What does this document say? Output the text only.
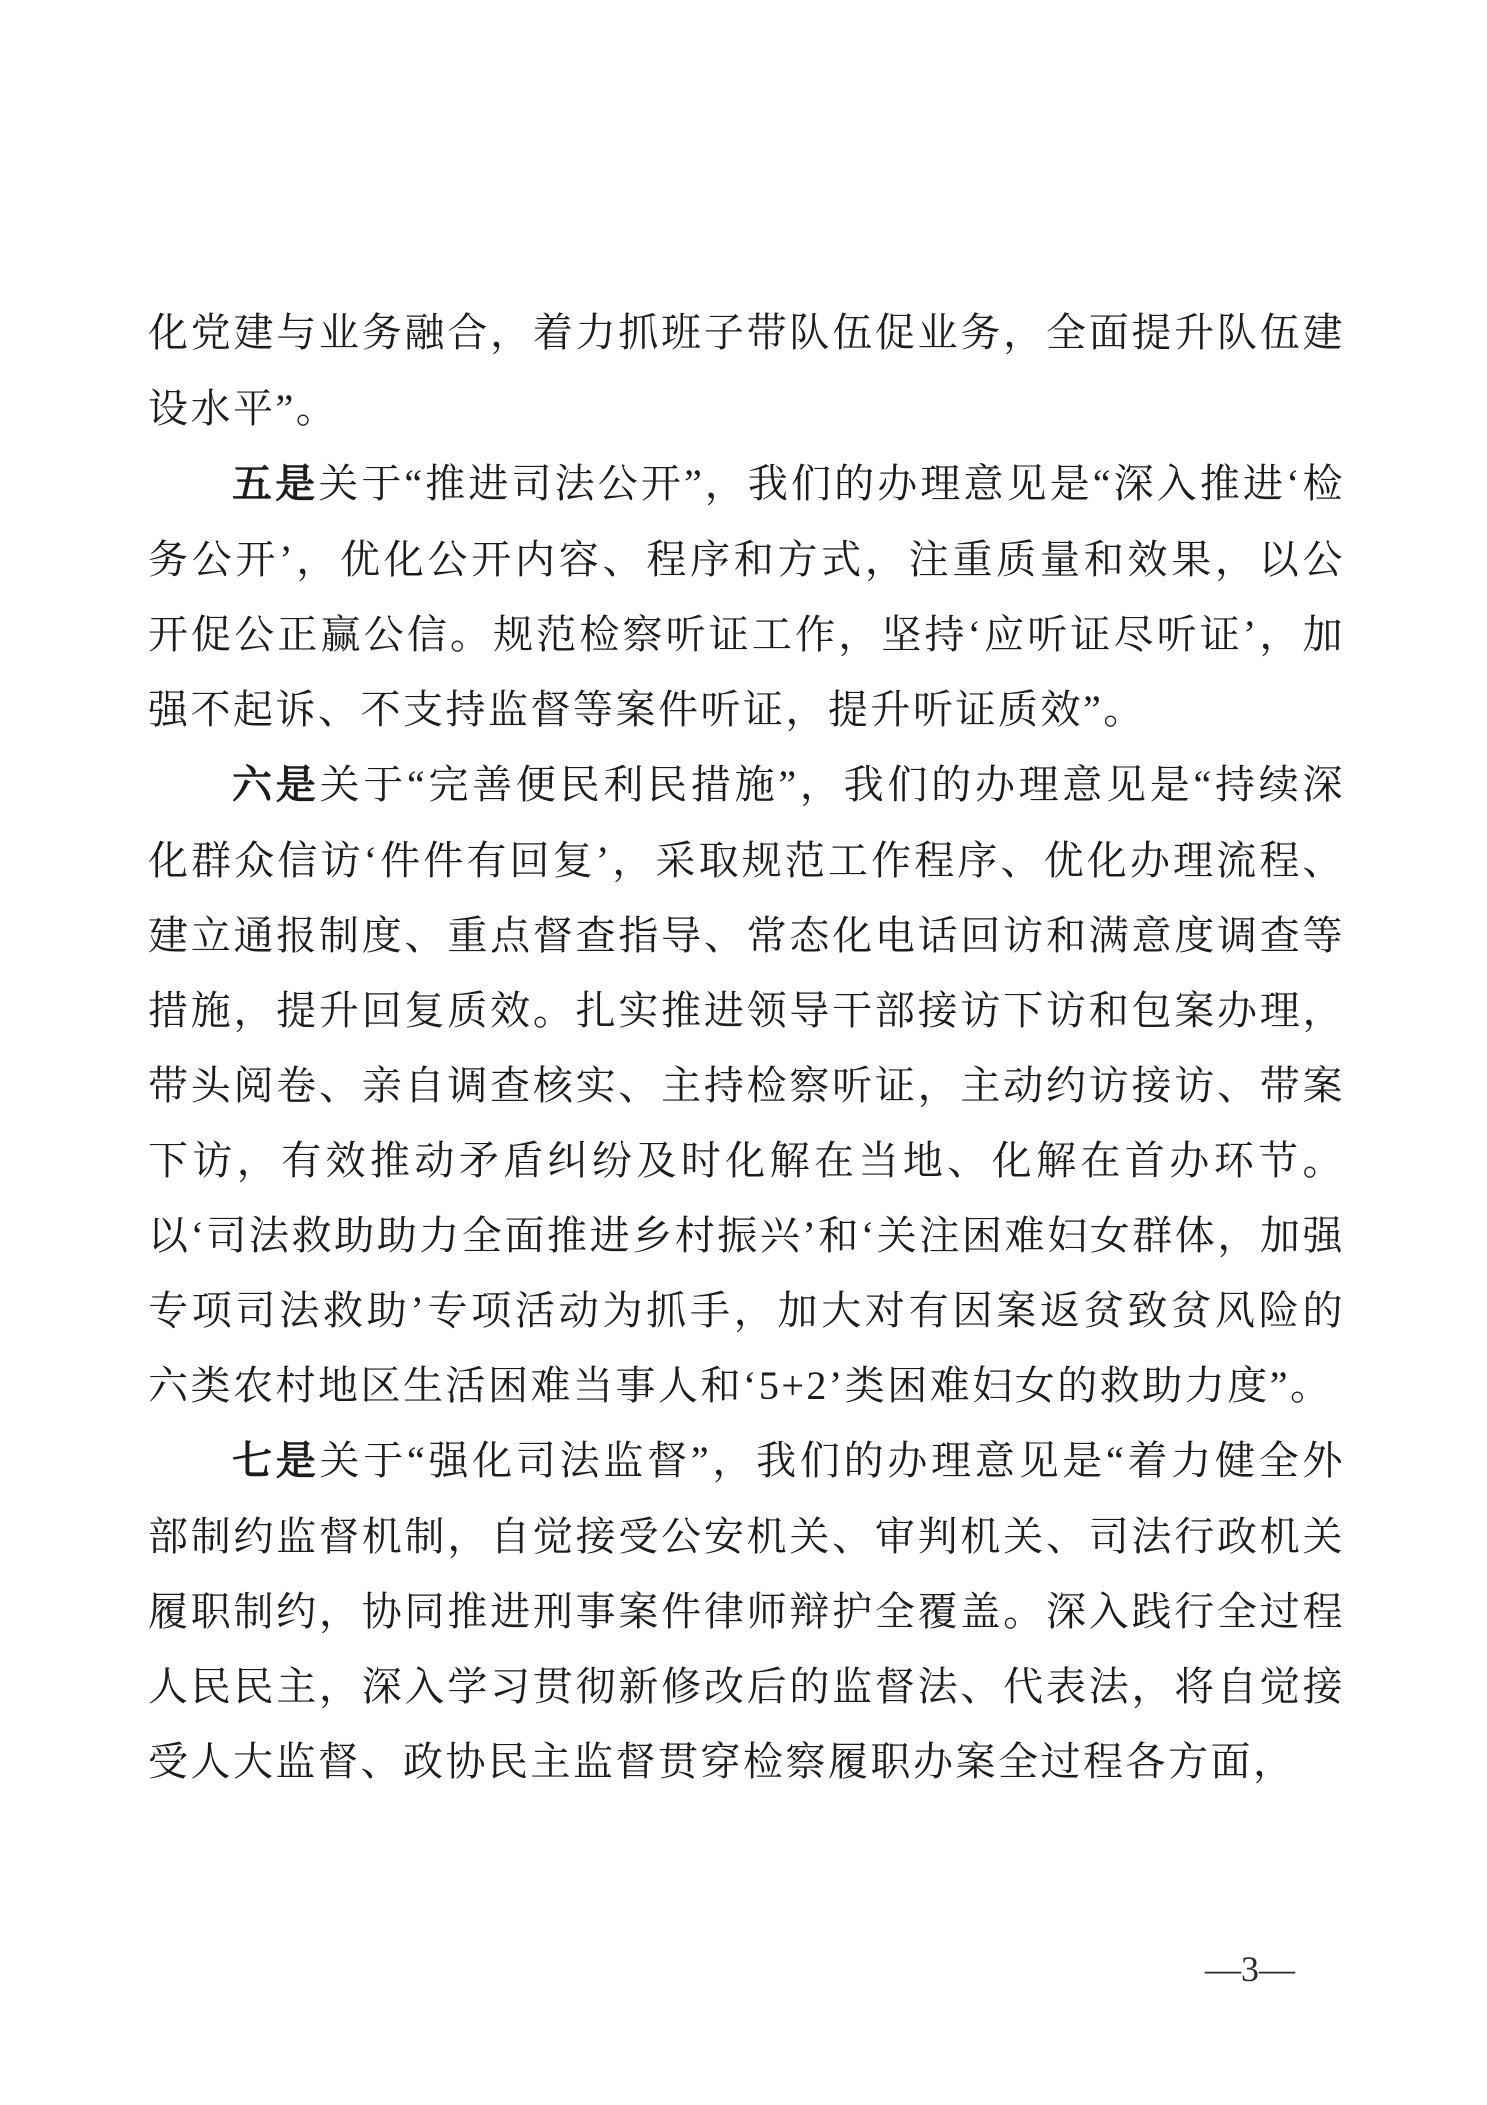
化党建与业务融合，着力抓班子带队伍促业务，全面提升队伍建设水平”。

五是关于“推进司法公开”，我们的办理意见是“深入推进‘检务公开’，优化公开内容、程序和方式，注重质量和效果，以公开促公正赢公信。规范检察听证工作，坚持‘应听证尽听证’，加强不起诉、不支持监督等案件听证，提升听证质效”。

六是关于“完善便民利民措施”，我们的办理意见是“持续深化群众信访‘件件有回复’，采取规范工作程序、优化办理流程、建立通报制度、重点督查指导、常态化电话回访和满意度调查等措施，提升回复质效。扎实推进领导干部接访下访和包案办理，带头阅卷、亲自调查核实、主持检察听证，主动约访接访、带案下访，有效推动矛盾纠纷及时化解在当地、化解在首办环节。以‘司法救助助力全面推进乡村振兴’和‘关注困难妇女群体，加强专项司法救助’专项活动为抓手，加大对有因案返贫致贫风险的六类农村地区生活困难当事人和‘5+2’类困难妇女的救助力度”。

七是关于“强化司法监督”，我们的办理意见是“着力健全外部制约监督机制，自觉接受公安机关、审判机关、司法行政机关履职制约，协同推进刑事案件律师辩护全覆盖。深入践行全过程人民民主，深入学习贯彻新修改后的监督法、代表法，将自觉接受人大监督、政协民主监督贯穿检察履职办案全过程各方面，

—3—
